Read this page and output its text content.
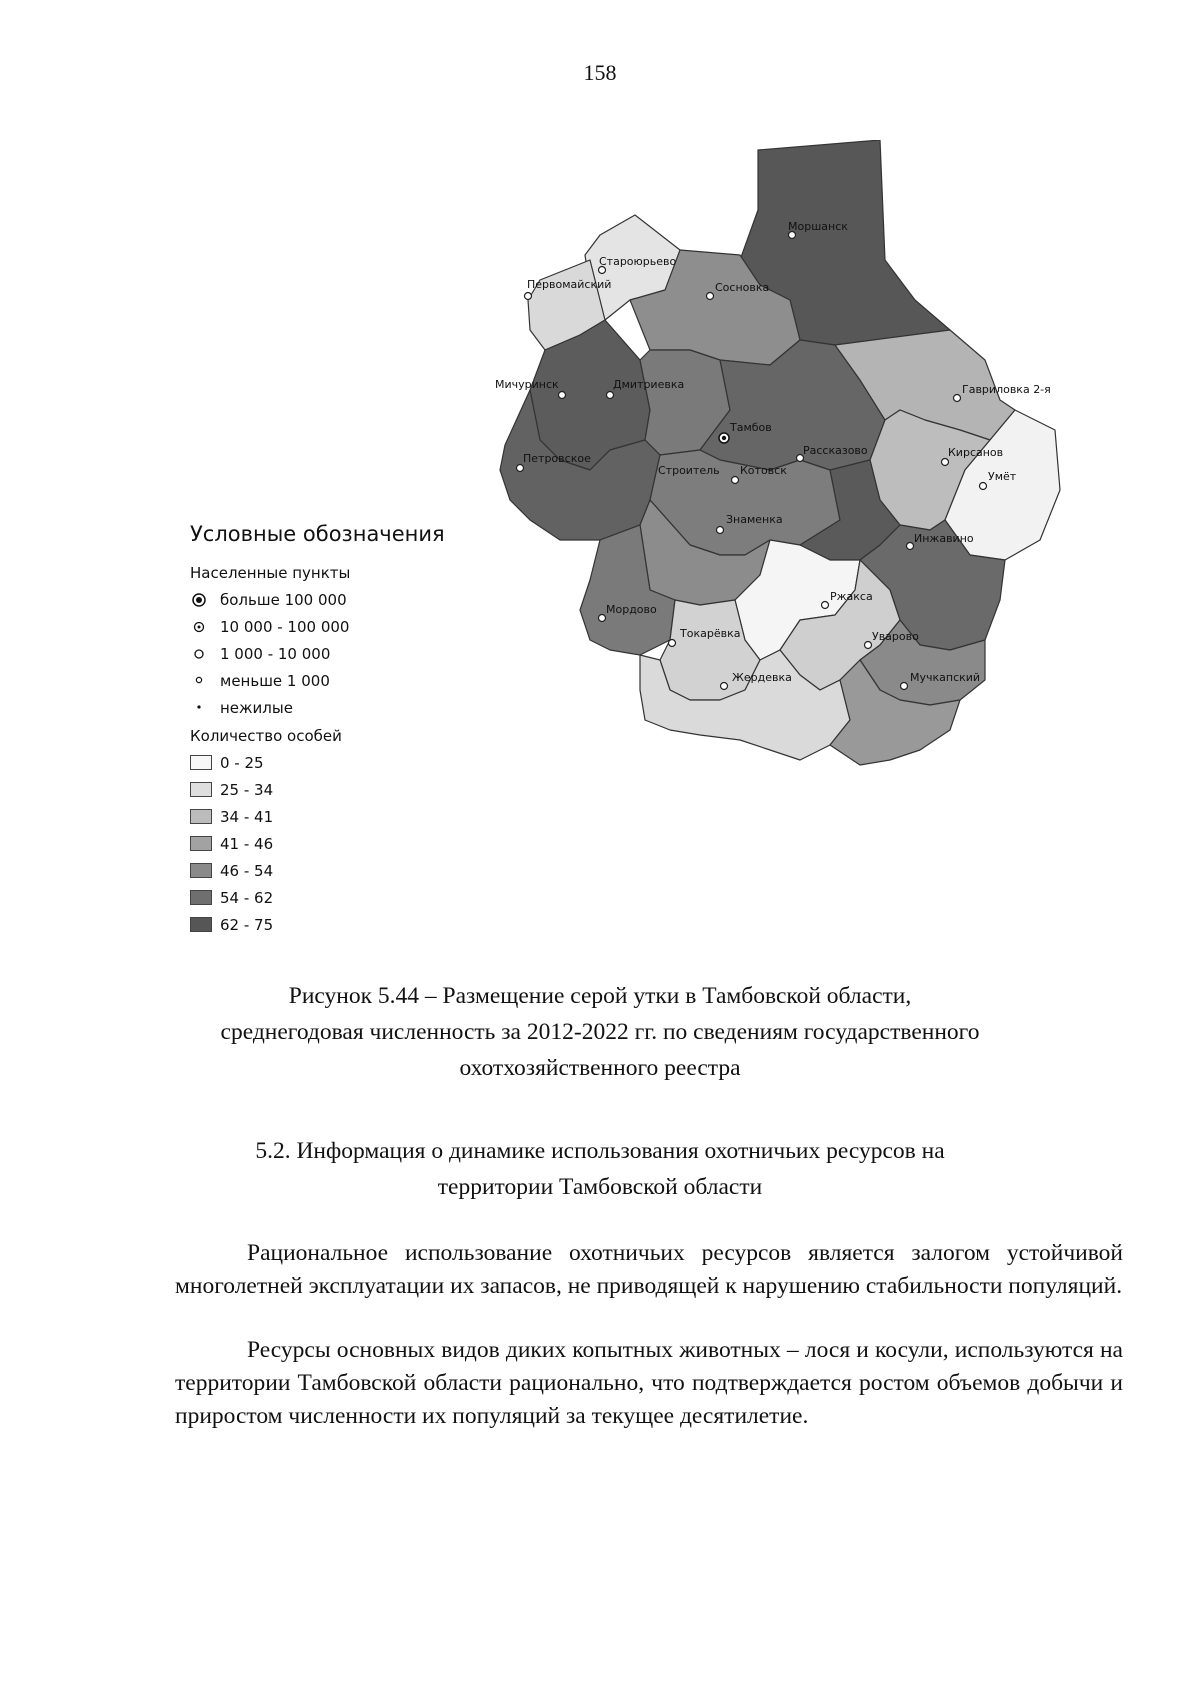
158
Моршанск
Староюрьево
Первомайский	Сосновка
Мичуринск	Дмитриевка	Гавриловка 2-я
Тамбов
Рассказово
Петровское
Строитель Котовск
Кирсанов
Умёт
Знаменка
Инжавино
Мордово
Ржакса
Токарёвка	Уварово
Жердевка	Мучкапский
Условные обозначения
Населенные пункты
больше 100 000
10 000 - 100 000
1 000 - 10 000
меньше 1 000
нежилые
Количество особей
0 - 25
25 - 34
34 - 41
41 - 46
46 - 54
54 - 62
62 - 75
Рисунок 5.44 – Размещение серой утки в Тамбовской области,
среднегодовая численность за 2012-2022 гг. по сведениям государственного
охотхозяйственного реестра
5.2. Информация о динамике использования охотничьих ресурсов на
территории Тамбовской области
Рациональное использование охотничьих ресурсов является залогом устойчивой многолетней эксплуатации их запасов, не приводящей к нарушению стабильности популяций.
Ресурсы основных видов диких копытных животных – лося и косули, используются на территории Тамбовской области рационально, что подтверждается ростом объемов добычи и приростом численности их популяций за текущее десятилетие.
